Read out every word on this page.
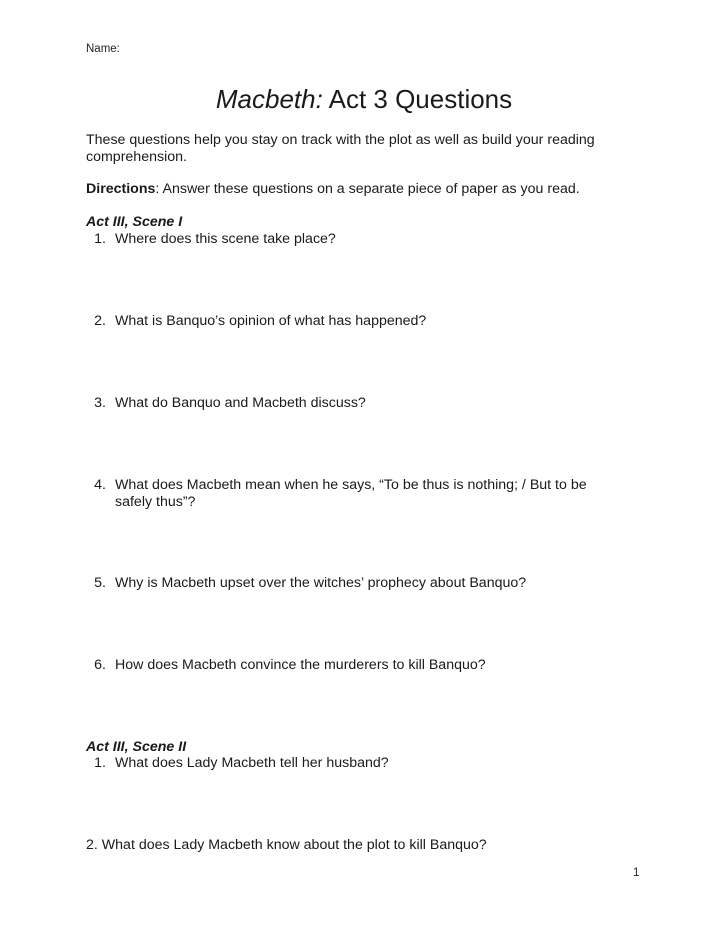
Name:
Macbeth: Act 3 Questions
These questions help you stay on track with the plot as well as build your reading comprehension.
Directions: Answer these questions on a separate piece of paper as you read.
Act III, Scene I
1. Where does this scene take place?
2. What is Banquo’s opinion of what has happened?
3. What do Banquo and Macbeth discuss?
4. What does Macbeth mean when he says, “To be thus is nothing; / But to be safely thus”?
5. Why is Macbeth upset over the witches’ prophecy about Banquo?
6. How does Macbeth convince the murderers to kill Banquo?
Act III, Scene II
1. What does Lady Macbeth tell her husband?
2. What does Lady Macbeth know about the plot to kill Banquo?
1
